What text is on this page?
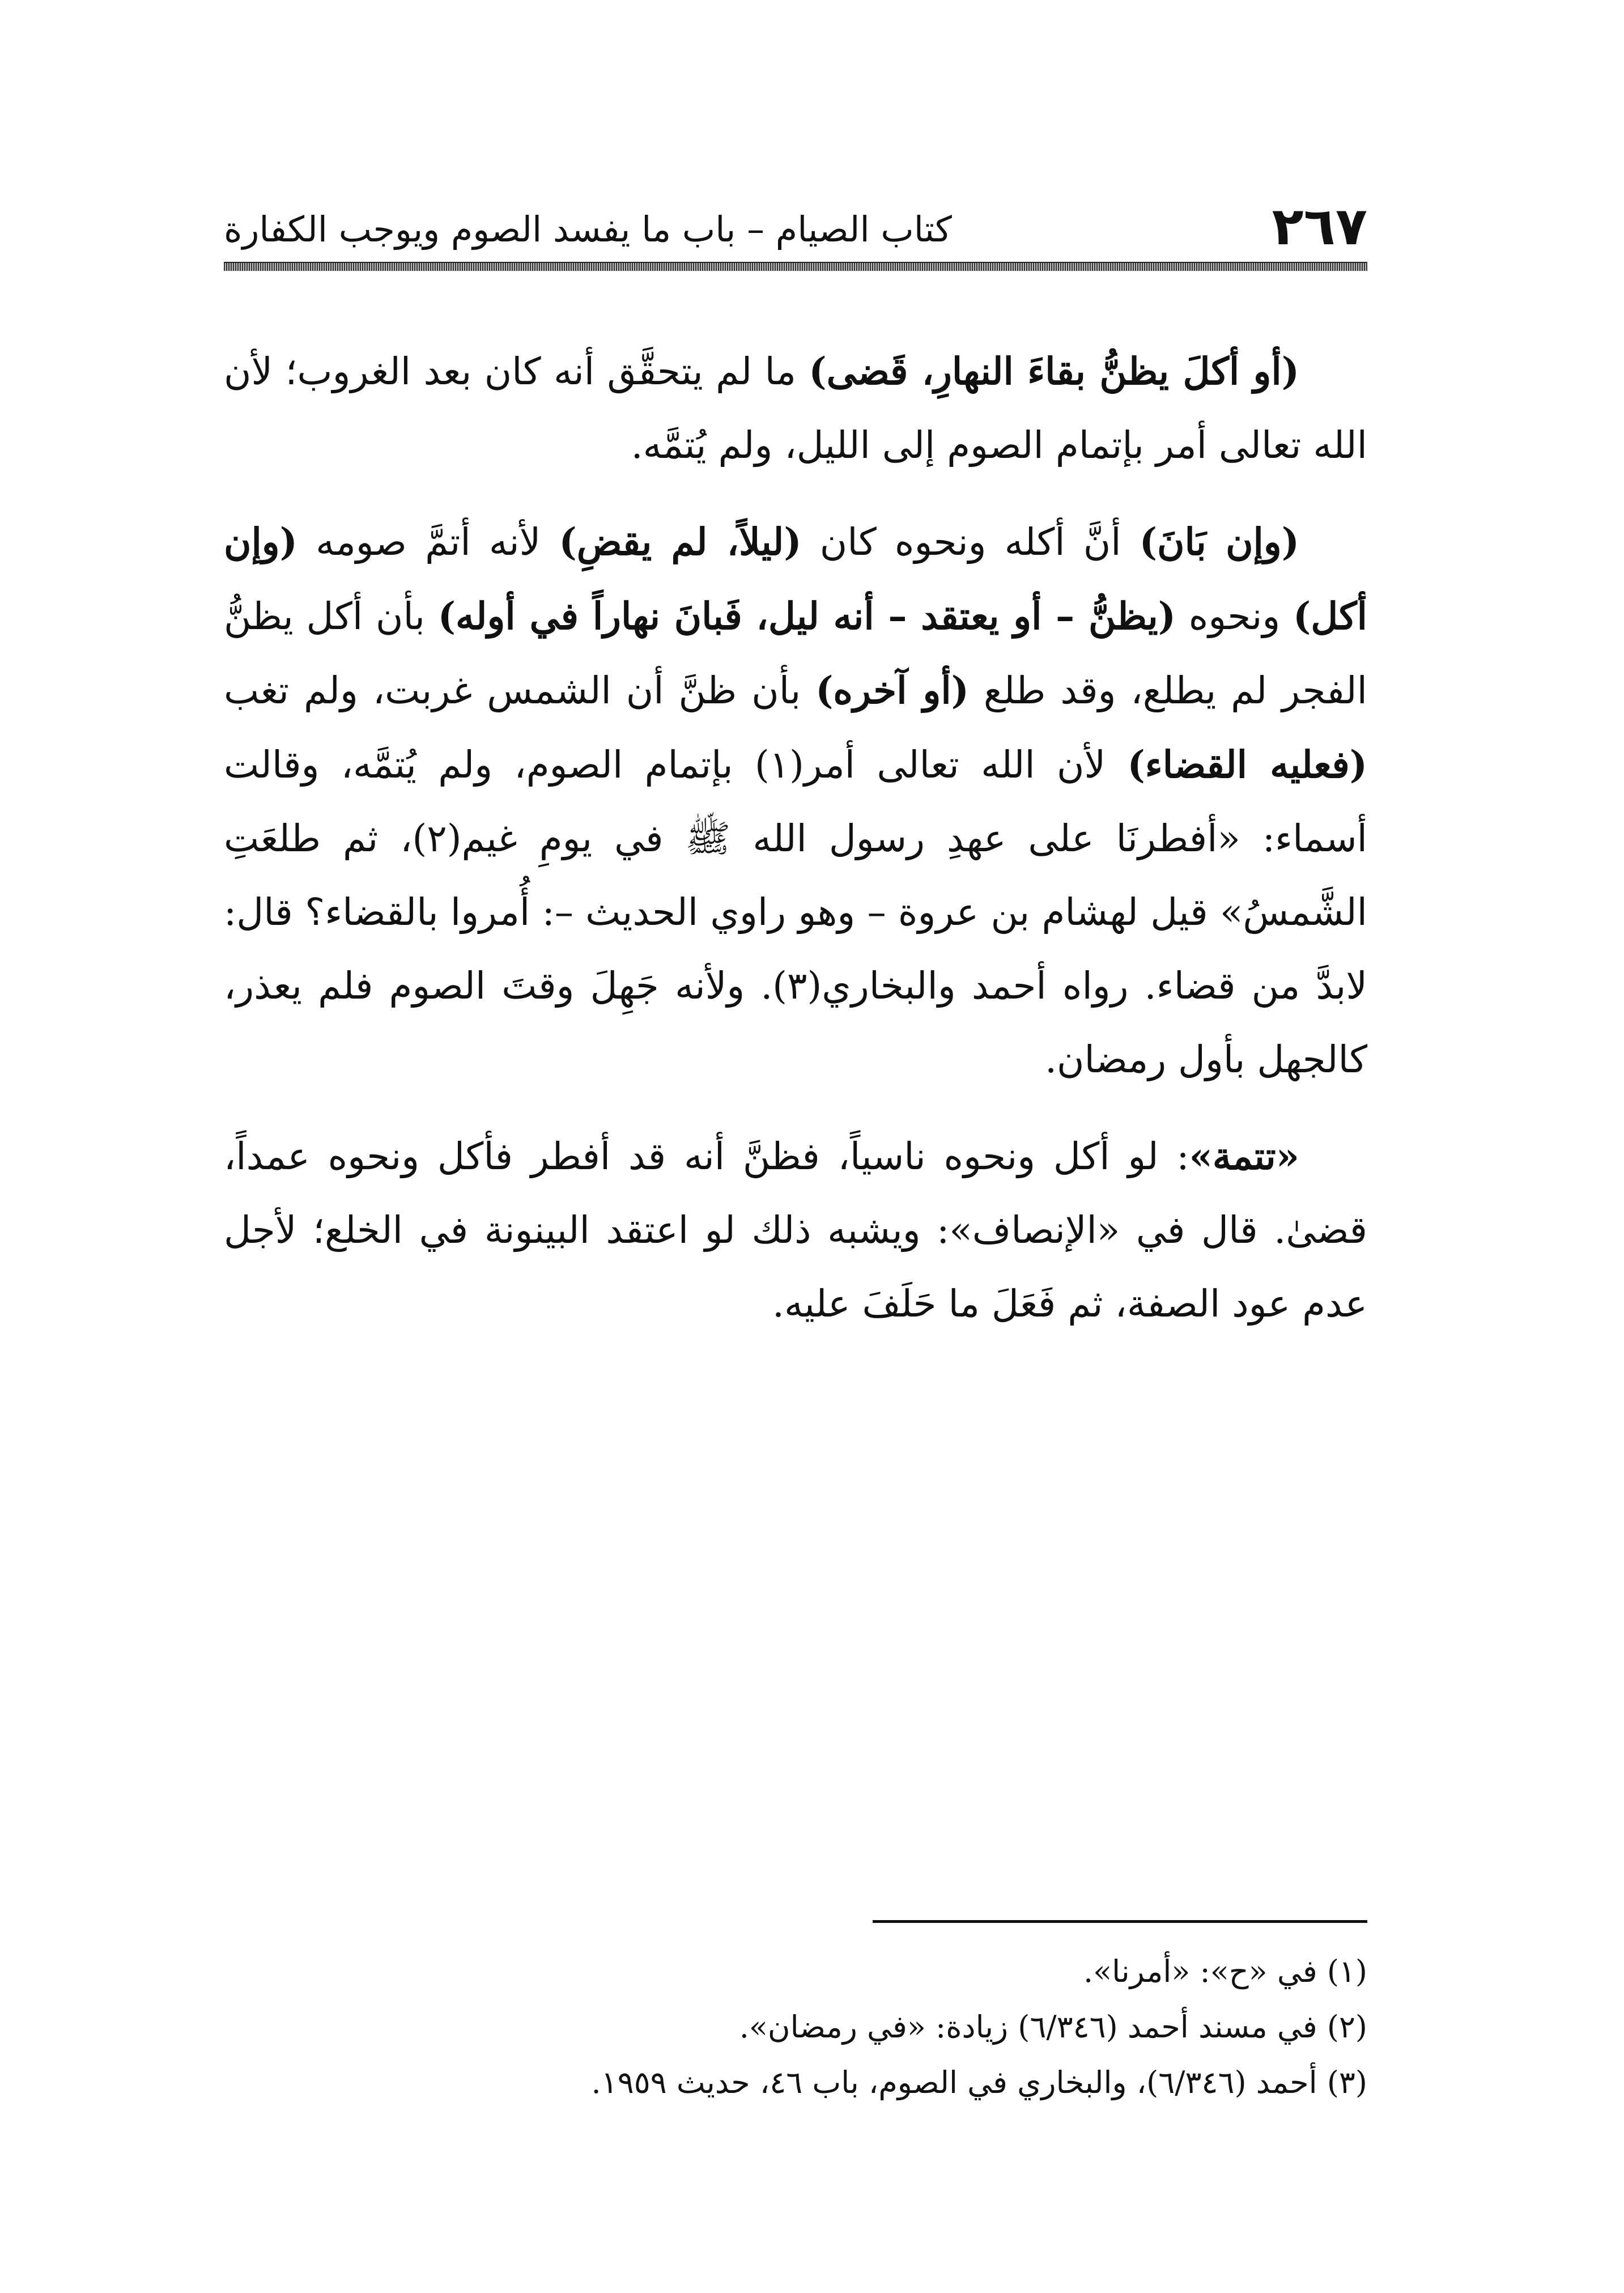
٢٦٧
كتاب الصيام – باب ما يفسد الصوم ويوجب الكفارة

(أو أكلَ يظنُّ بقاءَ النهارِ، قَضى) ما لم يتحقَّق أنه كان بعد الغروب؛ لأن الله تعالى أمر بإتمام الصوم إلى الليل، ولم يُتمَّه.

(وإن بَانَ) أنَّ أكله ونحوه كان (ليلاً، لم يقضِ) لأنه أتمَّ صومه (وإن أكل) ونحوه (يظنُّ – أو يعتقد – أنه ليل، فَبانَ نهاراً في أوله) بأن أكل يظنُّ الفجر لم يطلع، وقد طلع (أو آخره) بأن ظنَّ أن الشمس غربت، ولم تغب (فعليه القضاء) لأن الله تعالى أمر(١) بإتمام الصوم، ولم يُتمَّه، وقالت أسماء: «أفطرنَا على عهدِ رسول الله ﷺ في يومِ غيم(٢)، ثم طلعَتِ الشَّمسُ» قيل لهشام بن عروة – وهو راوي الحديث –: أُمروا بالقضاء؟ قال: لابدَّ من قضاء. رواه أحمد والبخاري(٣). ولأنه جَهِلَ وقتَ الصوم فلم يعذر، كالجهل بأول رمضان.

«تتمة»: لو أكل ونحوه ناسياً، فظنَّ أنه قد أفطر فأكل ونحوه عمداً، قضىٰ. قال في «الإنصاف»: ويشبه ذلك لو اعتقد البينونة في الخلع؛ لأجل عدم عود الصفة، ثم فَعَلَ ما حَلَفَ عليه.

(١) في «ح»: «أمرنا».

(٢) في مسند أحمد (٦/٣٤٦) زيادة: «في رمضان».

(٣) أحمد (٦/٣٤٦)، والبخاري في الصوم، باب ٤٦، حديث ١٩٥٩.
